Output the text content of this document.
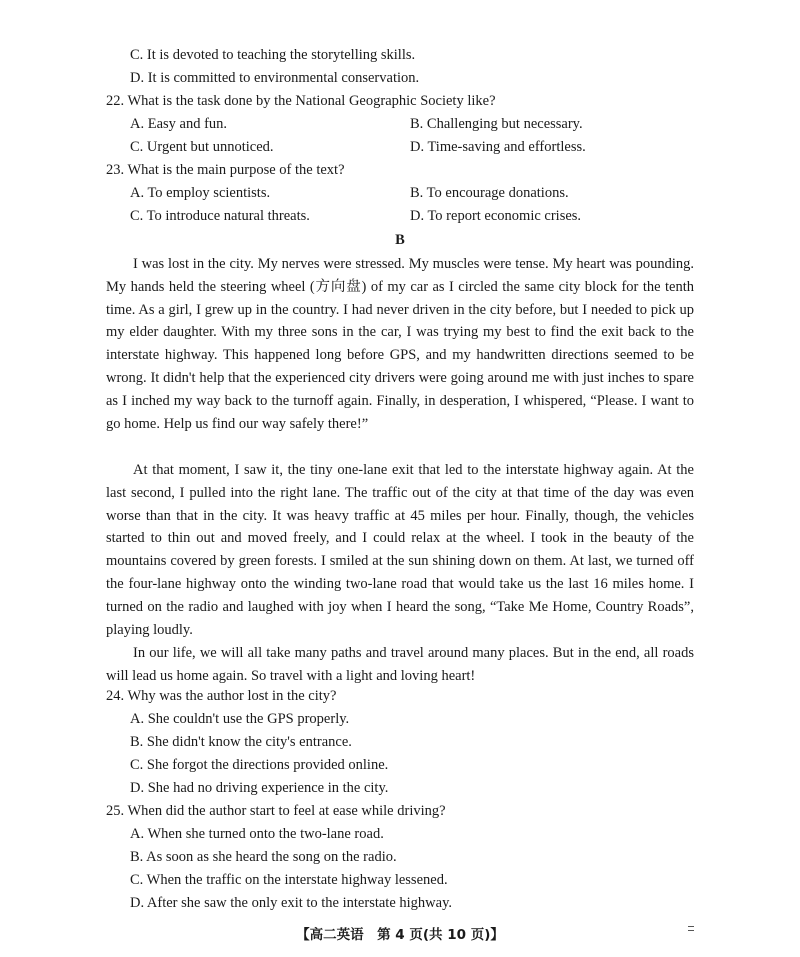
C. It is devoted to teaching the storytelling skills.
D. It is committed to environmental conservation.
22. What is the task done by the National Geographic Society like?
A. Easy and fun.	B. Challenging but necessary.
C. Urgent but unnoticed.	D. Time-saving and effortless.
23. What is the main purpose of the text?
A. To employ scientists.	B. To encourage donations.
C. To introduce natural threats.	D. To report economic crises.
B

I was lost in the city. My nerves were stressed. My muscles were tense. My heart was pounding. My hands held the steering wheel (方向盘) of my car as I circled the same city block for the tenth time. As a girl, I grew up in the country. I had never driven in the city before, but I needed to pick up my elder daughter. With my three sons in the car, I was trying my best to find the exit back to the interstate highway. This happened long before GPS, and my handwritten directions seemed to be wrong. It didn't help that the experienced city drivers were going around me with just inches to spare as I inched my way back to the turnoff again. Finally, in desperation, I whispered, “Please. I want to go home. Help us find our way safely there!”

At that moment, I saw it, the tiny one-lane exit that led to the interstate highway again. At the last second, I pulled into the right lane. The traffic out of the city at that time of the day was even worse than that in the city. It was heavy traffic at 45 miles per hour. Finally, though, the vehicles started to thin out and moved freely, and I could relax at the wheel. I took in the beauty of the mountains covered by green forests. I smiled at the sun shining down on them. At last, we turned off the four-lane highway onto the winding two-lane road that would take us the last 16 miles home. I turned on the radio and laughed with joy when I heard the song, “Take Me Home, Country Roads”, playing loudly.

In our life, we will all take many paths and travel around many places. But in the end, all roads will lead us home again. So travel with a light and loving heart!

24. Why was the author lost in the city?
A. She couldn't use the GPS properly.
B. She didn't know the city's entrance.
C. She forgot the directions provided online.
D. She had no driving experience in the city.
25. When did the author start to feel at ease while driving?
A. When she turned onto the two-lane road.
B. As soon as she heard the song on the radio.
C. When the traffic on the interstate highway lessened.
D. After she saw the only exit to the interstate highway.
【高二英语　第 4 页(共 10 页)】
